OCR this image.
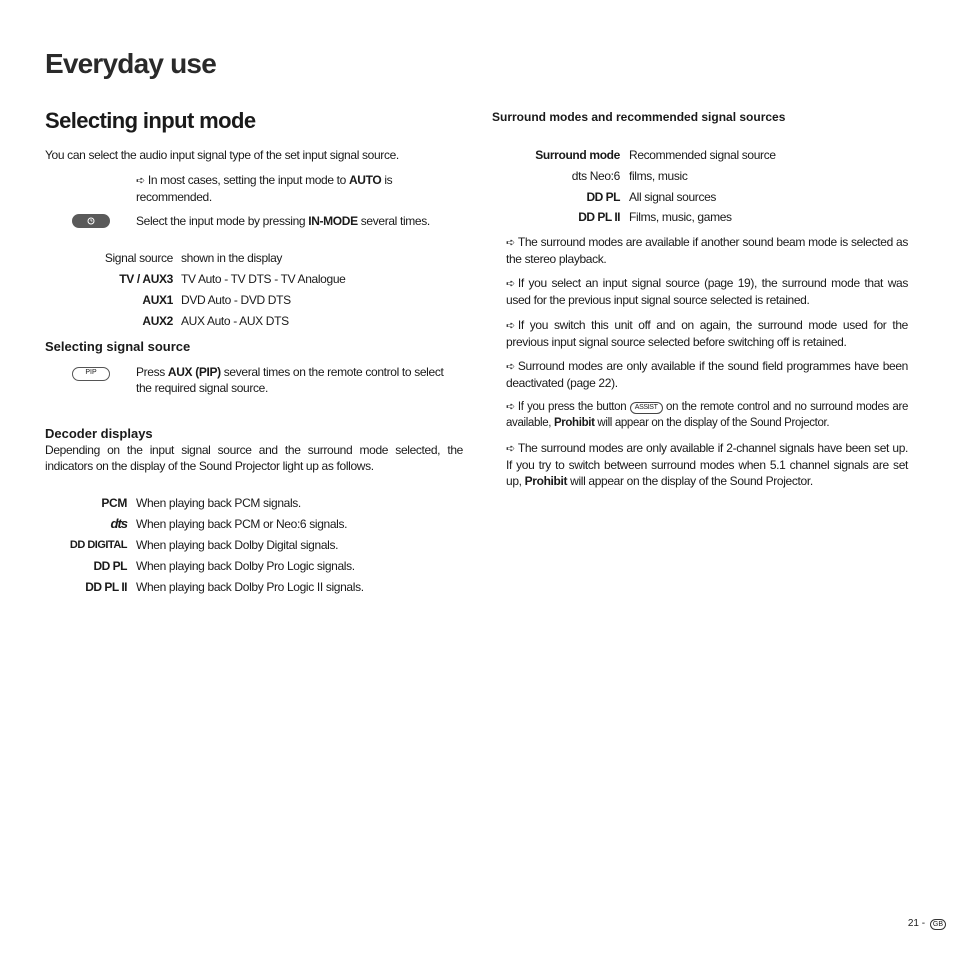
Everyday use
Selecting input mode
You can select the audio input signal type of the set input signal source.
➪ In most cases, setting the input mode to AUTO is recommended.
Select the input mode by pressing IN-MODE several times.
Signal source shown in the display
TV / AUX3 TV Auto - TV DTS - TV Analogue
AUX1 DVD Auto - DVD DTS
AUX2 AUX Auto - AUX DTS
Selecting signal source
PIP	Press AUX (PIP) several times on the remote control to select the required signal source.
Decoder displays
Depending on the input signal source and the surround mode selected, the indicators on the display of the Sound Projector light up as follows.
PCM When playing back PCM signals.
dts When playing back PCM or Neo:6 signals.
DD DIGITAL When playing back Dolby Digital signals.
DD PL When playing back Dolby Pro Logic signals.
DD PL II When playing back Dolby Pro Logic II signals.
Surround modes and recommended signal sources
Surround mode Recommended signal source
dts Neo:6 films, music
DD PL All signal sources
DD PL II Films, music, games
➪ The surround modes are available if another sound beam mode is selected as the stereo playback.
➪ If you select an input signal source (page 19), the surround mode that was used for the previous input signal source selected is retained.
➪ If you switch this unit off and on again, the surround mode used for the previous input signal source selected before switching off is retained.
➪ Surround modes are only available if the sound field programmes have been deactivated (page 22).
➪ If you press the button ASSIST on the remote control and no surround modes are available, Prohibit will appear on the display of the Sound Projector.
➪ The surround modes are only available if 2-channel signals have been set up. If you try to switch between surround modes when 5.1 channel signals are set up, Prohibit will appear on the display of the Sound Projector.
21 - GB
